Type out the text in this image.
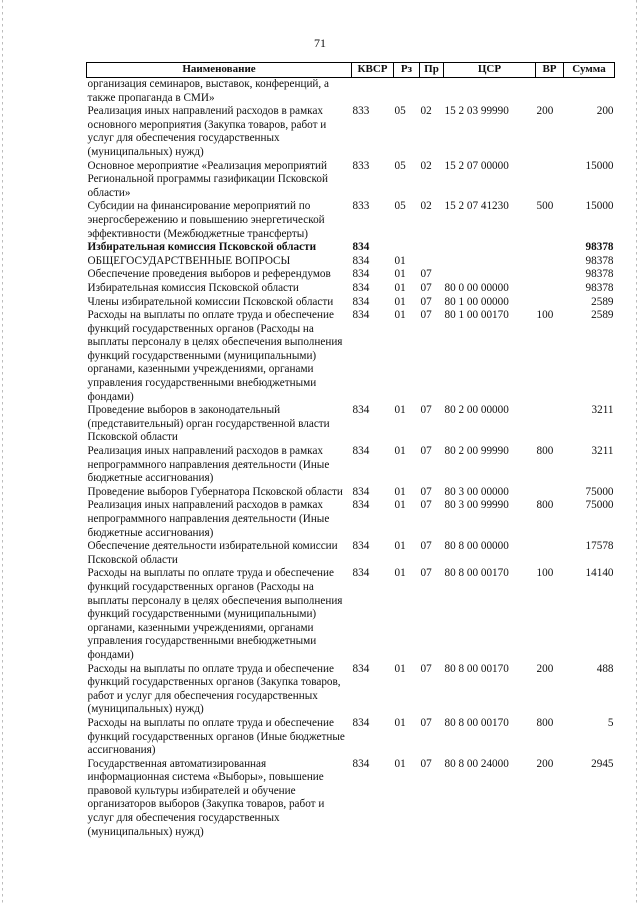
71
Наименование	КВСР	Рз	Пр	ЦСР	ВР	Сумма
организация семинаров, выставок, конференций, а также пропаганда в СМИ»						
Реализация иных направлений расходов в рамках основного мероприятия (Закупка товаров, работ и услуг для обеспечения государственных (муниципальных) нужд)	833	05	02	15 2 03 99990	200	200
Основное мероприятие «Реализация мероприятий Региональной программы газификации Псковской области»	833	05	02	15 2 07 00000		15000
Субсидии на финансирование мероприятий по энергосбережению и повышению энергетической эффективности (Межбюджетные трансферты)	833	05	02	15 2 07 41230	500	15000
Избирательная комиссия Псковской области	834					98378
ОБЩЕГОСУДАРСТВЕННЫЕ ВОПРОСЫ	834	01				98378
Обеспечение проведения выборов и референдумов	834	01	07			98378
Избирательная комиссия Псковской области	834	01	07	80 0 00 00000		98378
Члены избирательной комиссии Псковской области	834	01	07	80 1 00 00000		2589
Расходы на выплаты по оплате труда и обеспечение функций государственных органов (Расходы на выплаты персоналу в целях обеспечения выполнения функций государственными (муниципальными) органами, казенными учреждениями, органами управления государственными внебюджетными фондами)	834	01	07	80 1 00 00170	100	2589
Проведение выборов в законодательный (представительный) орган государственной власти Псковской области	834	01	07	80 2 00 00000		3211
Реализация иных направлений расходов в рамках непрограммного направления деятельности (Иные бюджетные ассигнования)	834	01	07	80 2 00 99990	800	3211
Проведение выборов Губернатора Псковской области	834	01	07	80 3 00 00000		75000
Реализация иных направлений расходов в рамках непрограммного направления деятельности (Иные бюджетные ассигнования)	834	01	07	80 3 00 99990	800	75000
Обеспечение деятельности избирательной комиссии Псковской области	834	01	07	80 8 00 00000		17578
Расходы на выплаты по оплате труда и обеспечение функций государственных органов (Расходы на выплаты персоналу в целях обеспечения выполнения функций государственными (муниципальными) органами, казенными учреждениями, органами управления государственными внебюджетными фондами)	834	01	07	80 8 00 00170	100	14140
Расходы на выплаты по оплате труда и обеспечение функций государственных органов (Закупка товаров, работ и услуг для обеспечения государственных (муниципальных) нужд)	834	01	07	80 8 00 00170	200	488
Расходы на выплаты по оплате труда и обеспечение функций государственных органов (Иные бюджетные ассигнования)	834	01	07	80 8 00 00170	800	5
Государственная автоматизированная информационная система «Выборы», повышение правовой культуры избирателей и обучение организаторов выборов (Закупка товаров, работ и услуг для обеспечения государственных (муниципальных) нужд)	834	01	07	80 8 00 24000	200	2945
